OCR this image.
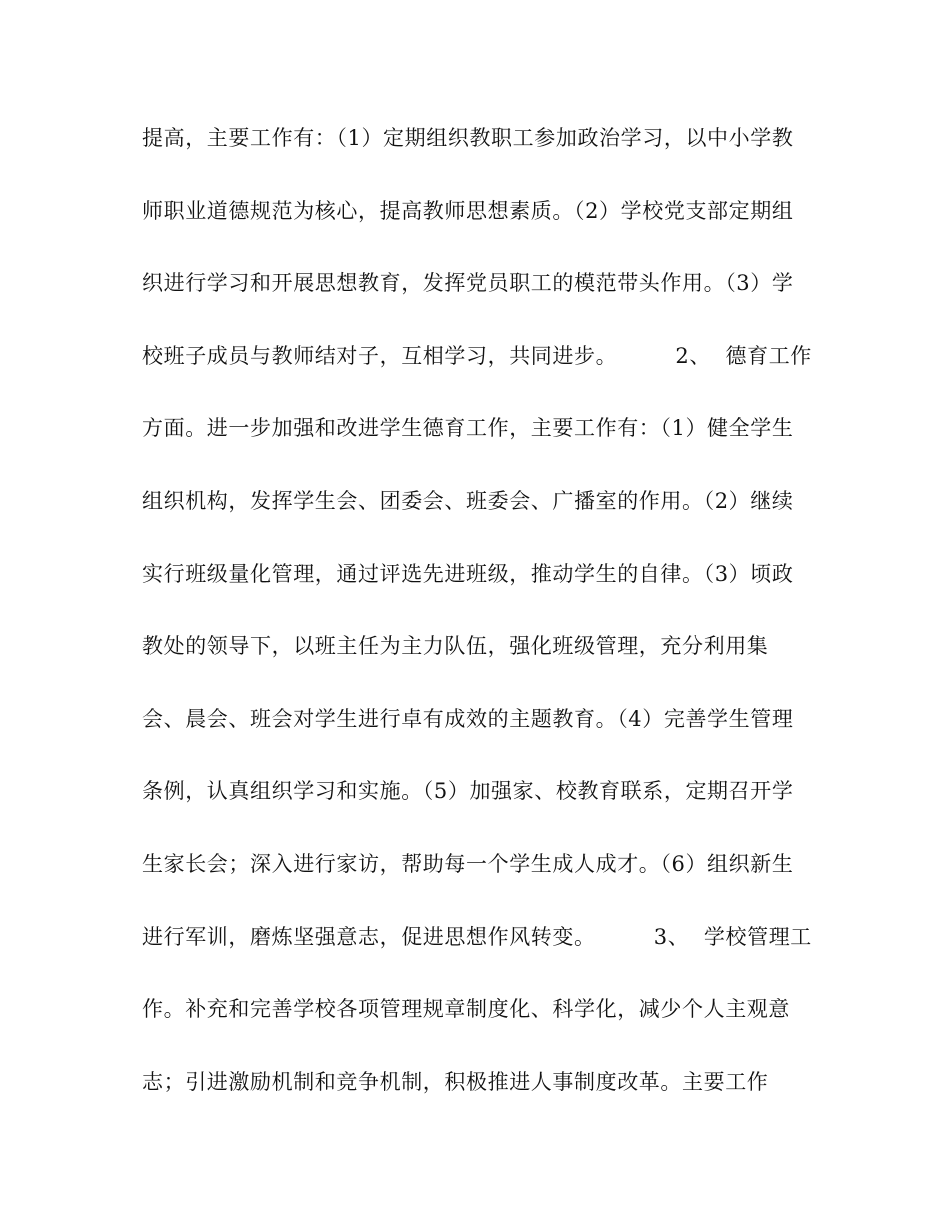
提高，主要工作有：（1）定期组织教职工参加政治学习，以中小学教
师职业道德规范为核心，提高教师思想素质。（2）学校党支部定期组
织进行学习和开展思想教育，发挥党员职工的模范带头作用。（3）学
校班子成员与教师结对子，互相学习，共同进步。        2、  德育工作
方面。进一步加强和改进学生德育工作，主要工作有：（1）健全学生
组织机构，发挥学生会、团委会、班委会、广播室的作用。（2）继续
实行班级量化管理，通过评选先进班级，推动学生的自律。（3）顷政
教处的领导下，以班主任为主力队伍，强化班级管理，充分利用集
会、晨会、班会对学生进行卓有成效的主题教育。（4）完善学生管理
条例，认真组织学习和实施。（5）加强家、校教育联系，定期召开学
生家长会；深入进行家访，帮助每一个学生成人成才。（6）组织新生
进行军训，磨炼坚强意志，促进思想作风转变。        3、  学校管理工
作。补充和完善学校各项管理规章制度化、科学化，减少个人主观意
志；引进激励机制和竞争机制，积极推进人事制度改革。主要工作
